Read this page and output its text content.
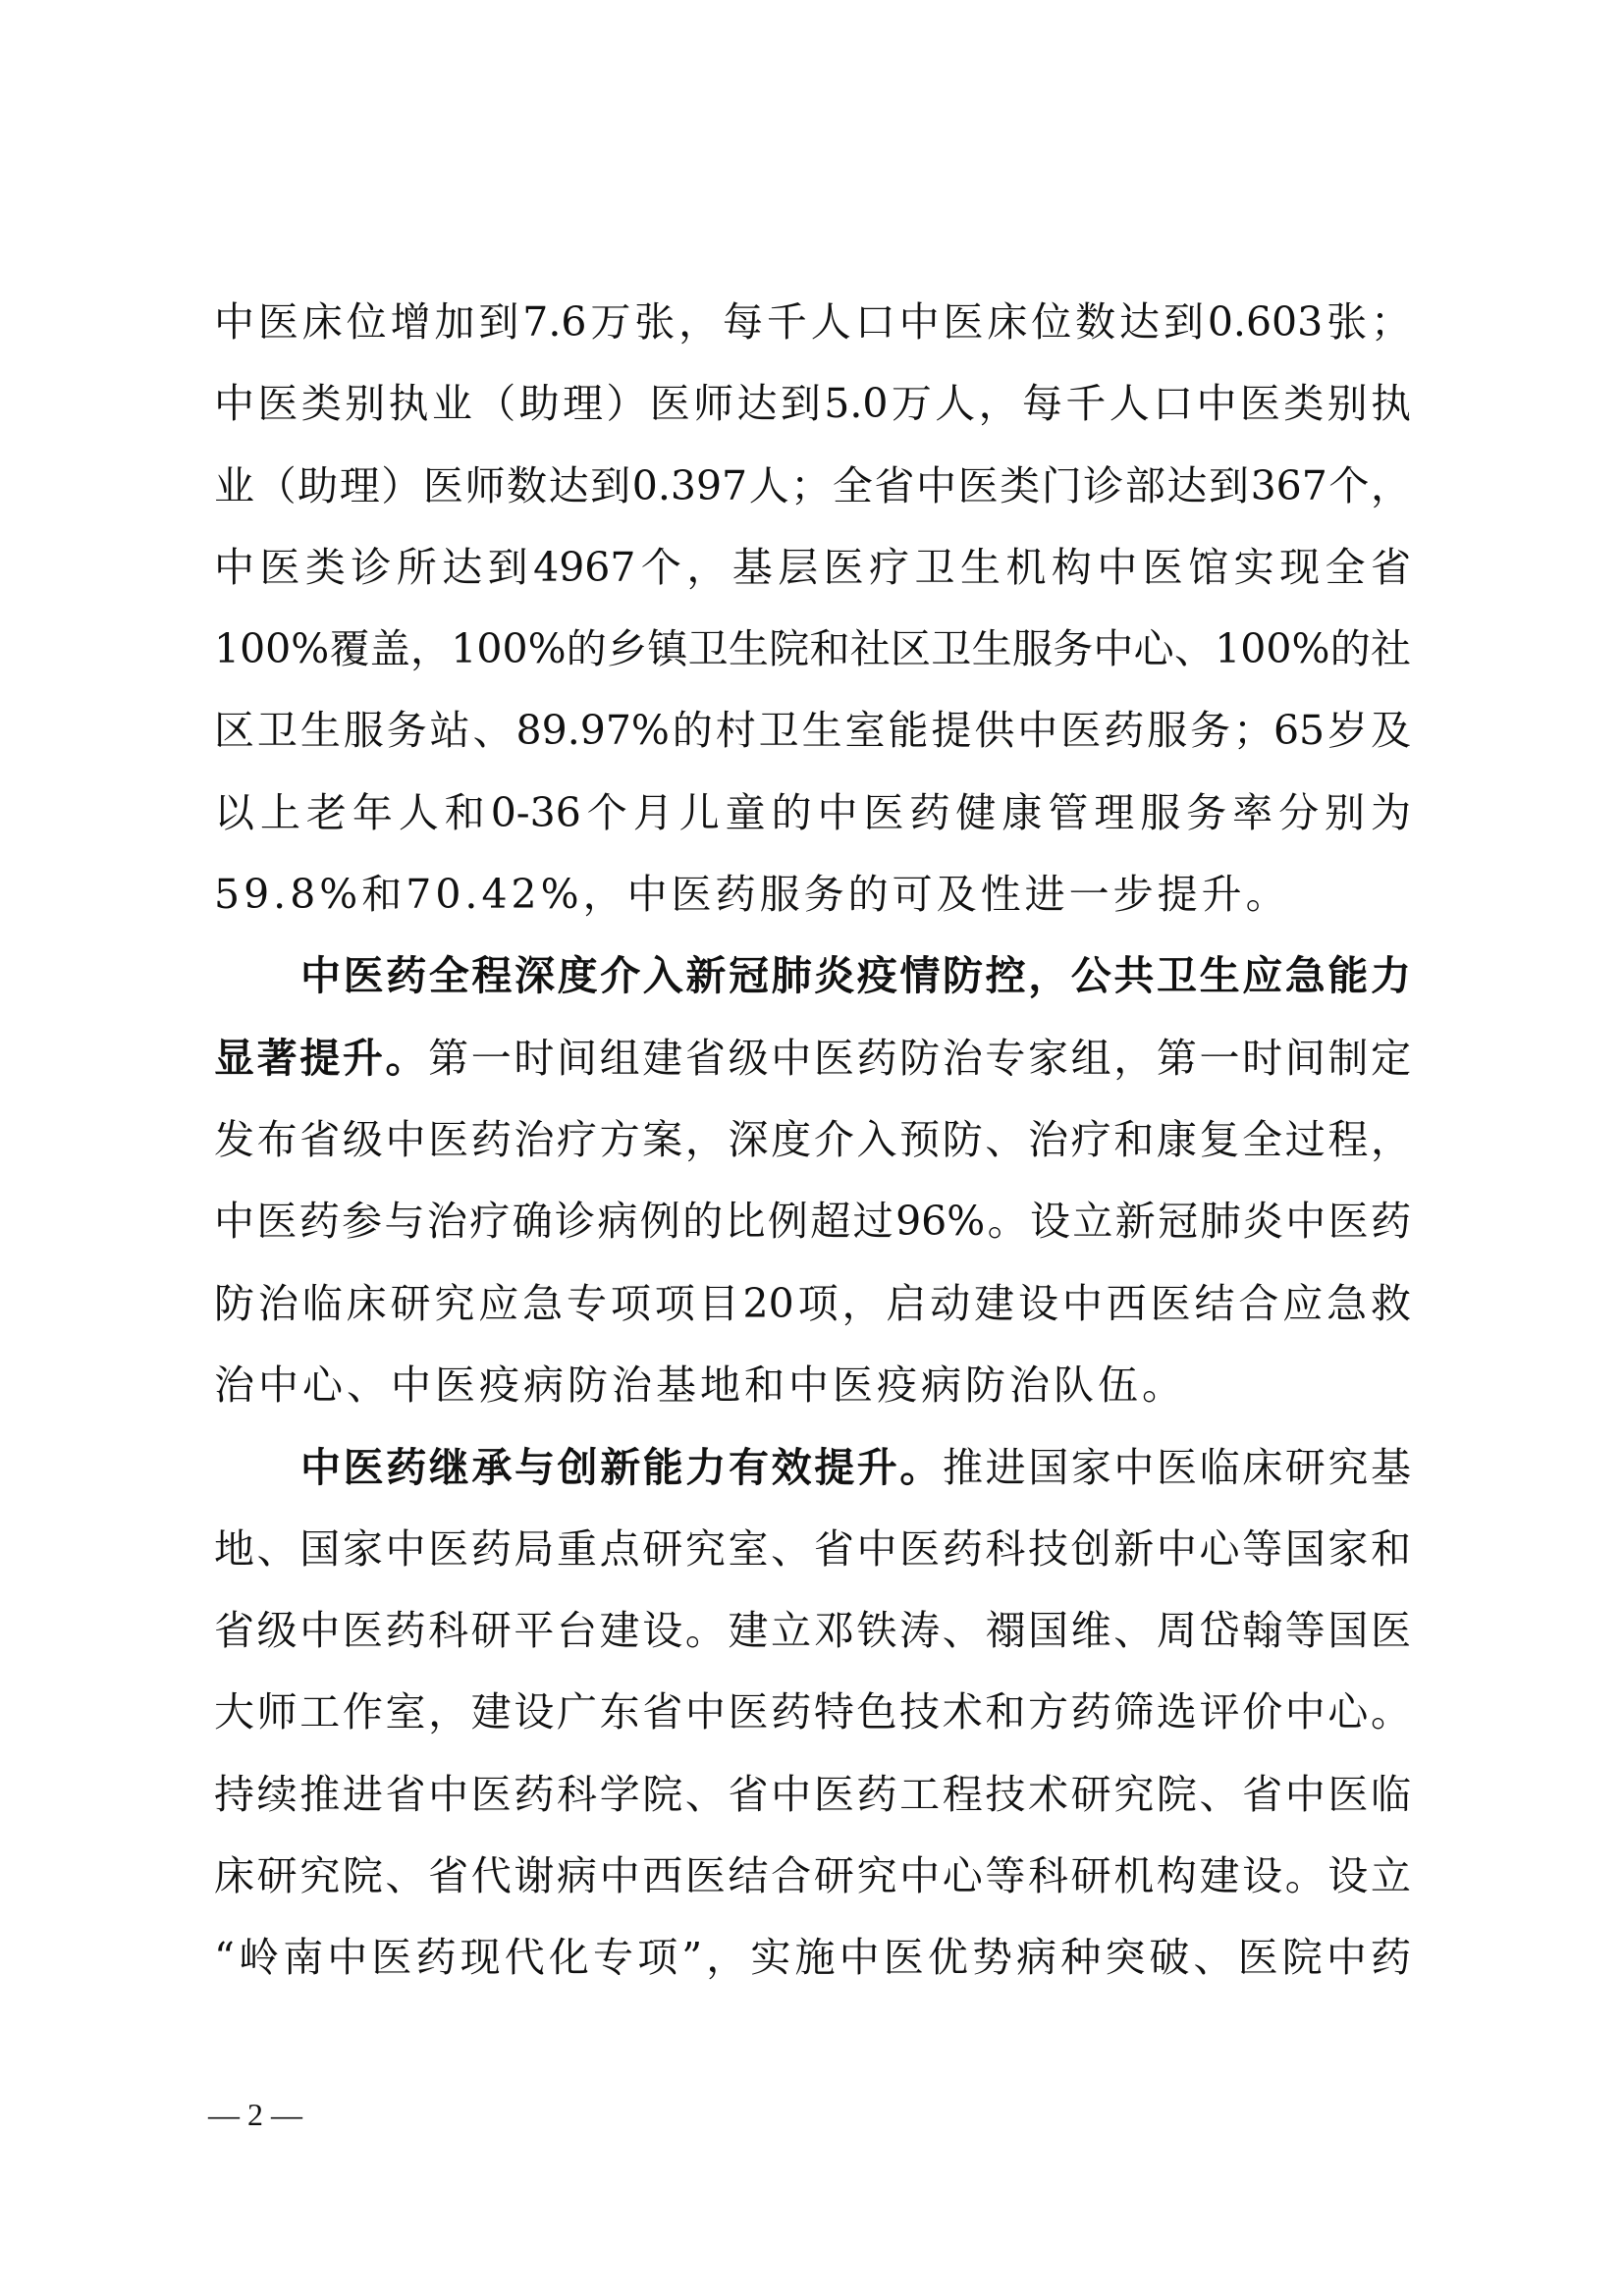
中医床位增加到7.6万张，每千人口中医床位数达到0.603张；
中医类别执业（助理）医师达到5.0万人，每千人口中医类别执
业（助理）医师数达到0.397人；全省中医类门诊部达到367个，
中医类诊所达到4967个，基层医疗卫生机构中医馆实现全省
100%覆盖，100%的乡镇卫生院和社区卫生服务中心、100%的社
区卫生服务站、89.97%的村卫生室能提供中医药服务；65岁及
以上老年人和0-36个月儿童的中医药健康管理服务率分别为
59.8%和70.42%，中医药服务的可及性进一步提升。
中医药全程深度介入新冠肺炎疫情防控，公共卫生应急能力
显著提升。第一时间组建省级中医药防治专家组，第一时间制定
发布省级中医药治疗方案，深度介入预防、治疗和康复全过程，
中医药参与治疗确诊病例的比例超过96%。设立新冠肺炎中医药
防治临床研究应急专项项目20项，启动建设中西医结合应急救
治中心、中医疫病防治基地和中医疫病防治队伍。
中医药继承与创新能力有效提升。推进国家中医临床研究基
地、国家中医药局重点研究室、省中医药科技创新中心等国家和
省级中医药科研平台建设。建立邓铁涛、禤国维、周岱翰等国医
大师工作室，建设广东省中医药特色技术和方药筛选评价中心。
持续推进省中医药科学院、省中医药工程技术研究院、省中医临
床研究院、省代谢病中西医结合研究中心等科研机构建设。设立
“岭南中医药现代化专项”，实施中医优势病种突破、医院中药
— 2 —
